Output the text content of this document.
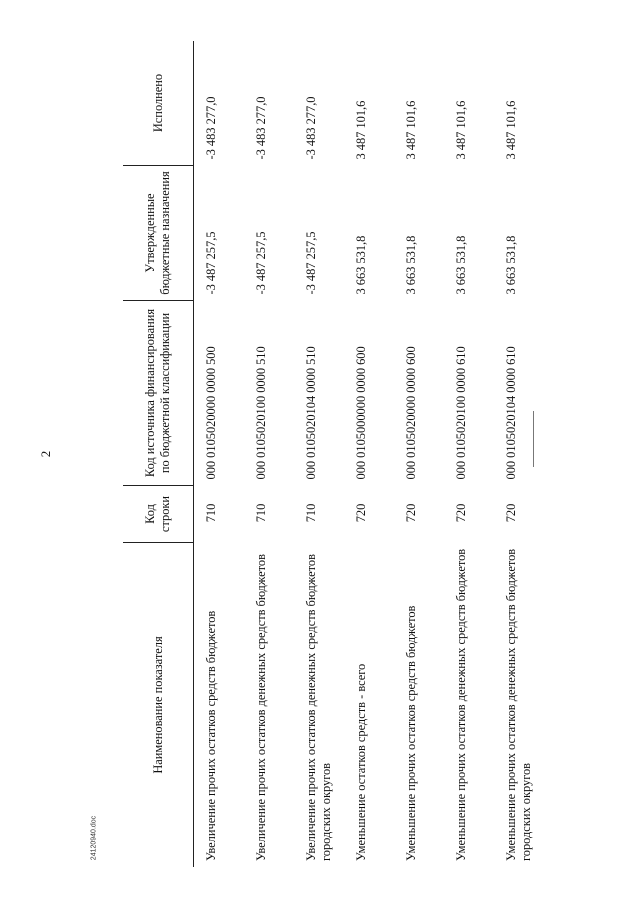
2
24120940.doc
Наименование показателя	Код строки	Код источника финансирования по бюджетной классификации	Утвержденные бюджетные назначения	Исполнено
Увеличение прочих остатков средств бюджетов	710	000 0105020000 0000 500	-3 487 257,5	-3 483 277,0
Увеличение прочих остатков денежных средств бюджетов	710	000 0105020100 0000 510	-3 487 257,5	-3 483 277,0
Увеличение прочих остатков денежных средств бюджетов городских округов	710	000 0105020104 0000 510	-3 487 257,5	-3 483 277,0
Уменьшение остатков средств - всего	720	000 0105000000 0000 600	3 663 531,8	3 487 101,6
Уменьшение прочих остатков средств бюджетов	720	000 0105020000 0000 600	3 663 531,8	3 487 101,6
Уменьшение прочих остатков денежных средств бюджетов	720	000 0105020100 0000 610	3 663 531,8	3 487 101,6
Уменьшение прочих остатков денежных средств бюджетов городских округов	720	000 0105020104 0000 610	3 663 531,8	3 487 101,6
